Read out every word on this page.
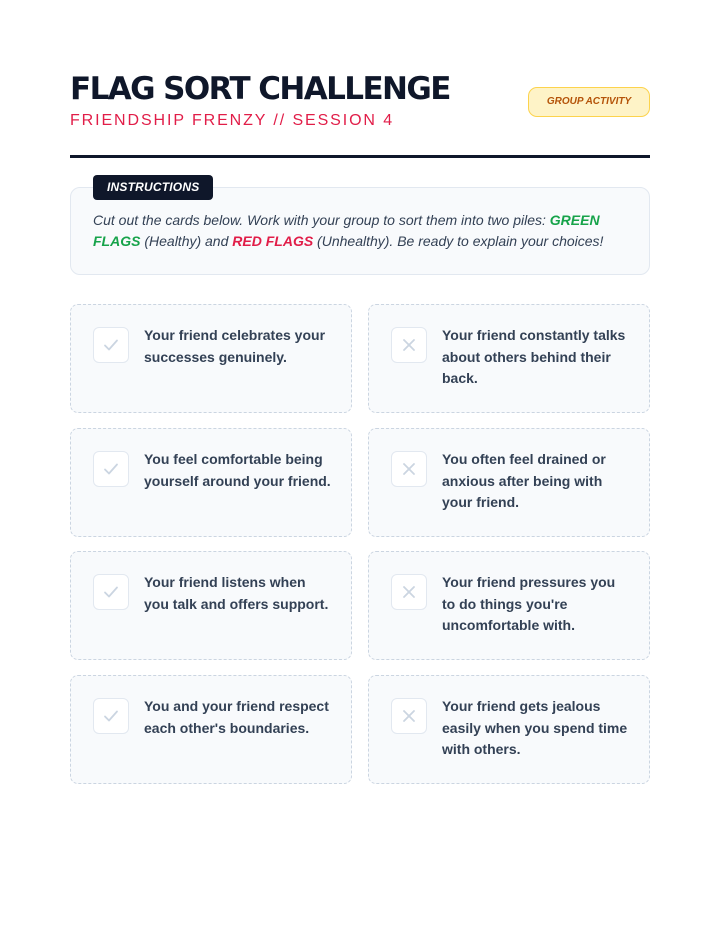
FLAG SORT CHALLENGE
FRIENDSHIP FRENZY // SESSION 4
GROUP ACTIVITY
INSTRUCTIONS
Cut out the cards below. Work with your group to sort them into two piles: GREEN FLAGS (Healthy) and RED FLAGS (Unhealthy). Be ready to explain your choices!
Your friend celebrates your successes genuinely.
Your friend constantly talks about others behind their back.
You feel comfortable being yourself around your friend.
You often feel drained or anxious after being with your friend.
Your friend listens when you talk and offers support.
Your friend pressures you to do things you're uncomfortable with.
You and your friend respect each other's boundaries.
Your friend gets jealous easily when you spend time with others.
